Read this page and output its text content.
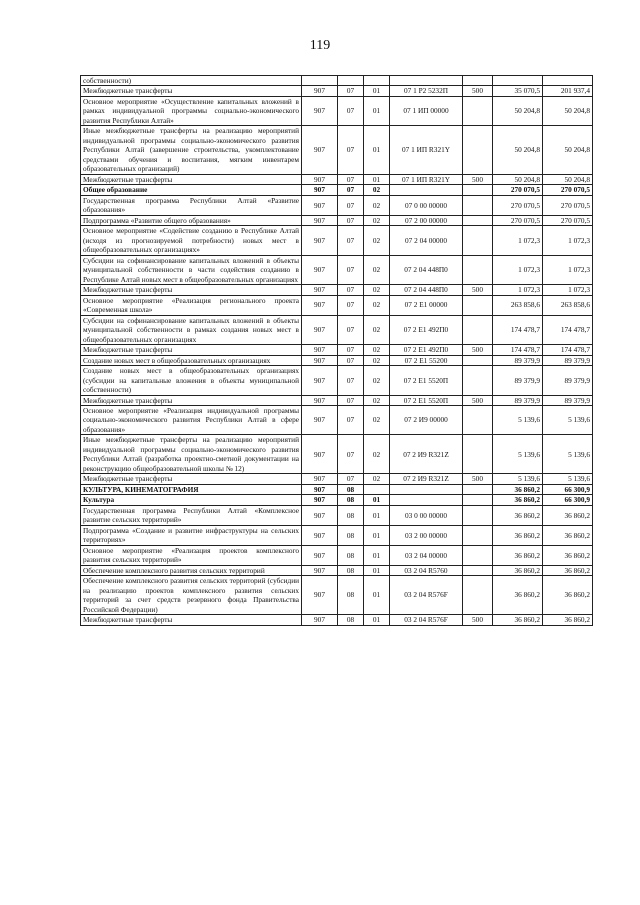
119
собственности)							
Межбюджетные трансферты	907	07	01	07 1 P2 5232П	500	35 070,5	201 937,4
Основное мероприятие «Осуществление капитальных вложений в рамках индивидуальной программы социально-экономического развития Республики Алтай»	907	07	01	07 1 ИП 00000		50 204,8	50 204,8
Иные межбюджетные трансферты на реализацию мероприятий индивидуальной программы социально-экономического развития Республики Алтай (завершение строительства, укомплектование средствами обучения и воспитания, мягким инвентарем образовательных организаций)	907	07	01	07 1 ИП R321Y		50 204,8	50 204,8
Межбюджетные трансферты	907	07	01	07 1 ИП R321Y	500	50 204,8	50 204,8
Общее образование	907	07	02			270 070,5	270 070,5
Государственная программа Республики Алтай «Развитие образования»	907	07	02	07 0 00 00000		270 070,5	270 070,5
Подпрограмма «Развитие общего образования»	907	07	02	07 2 00 00000		270 070,5	270 070,5
Основное мероприятие «Содействие созданию в Республике Алтай (исходя из прогнозируемой потребности) новых мест в общеобразовательных организациях»	907	07	02	07 2 04 00000		1 072,3	1 072,3
Субсидии на софинансирование капитальных вложений в объекты муниципальной собственности в части содействия созданию в Республике Алтай новых мест в общеобразовательных организациях	907	07	02	07 2 04 448П0		1 072,3	1 072,3
Межбюджетные трансферты	907	07	02	07 2 04 448П0	500	1 072,3	1 072,3
Основное мероприятие «Реализация регионального проекта «Современная школа»	907	07	02	07 2 E1 00000		263 858,6	263 858,6
Субсидии на софинансирование капитальных вложений в объекты муниципальной собственности в рамках создания новых мест в общеобразовательных организациях	907	07	02	07 2 E1 492П0		174 478,7	174 478,7
Межбюджетные трансферты	907	07	02	07 2 E1 492П0	500	174 478,7	174 478,7
Создание новых мест в общеобразовательных организациях	907	07	02	07 2 E1 55200		89 379,9	89 379,9
Создание новых мест в общеобразовательных организациях (субсидии на капитальные вложения в объекты муниципальной собственности)	907	07	02	07 2 E1 5520П		89 379,9	89 379,9
Межбюджетные трансферты	907	07	02	07 2 E1 5520П	500	89 379,9	89 379,9
Основное мероприятие «Реализация индивидуальной программы социально-экономического развития Республики Алтай в сфере образования»	907	07	02	07 2 И9 00000		5 139,6	5 139,6
Иные межбюджетные трансферты на реализацию мероприятий индивидуальной программы социально-экономического развития Республики Алтай (разработка проектно-сметной документации на реконструкцию общеобразовательной школы № 12)	907	07	02	07 2 И9 R321Z		5 139,6	5 139,6
Межбюджетные трансферты	907	07	02	07 2 И9 R321Z	500	5 139,6	5 139,6
КУЛЬТУРА, КИНЕМАТОГРАФИЯ	907	08				36 860,2	66 300,9
Культура	907	08	01			36 860,2	66 300,9
Государственная программа Республики Алтай «Комплексное развитие сельских территорий»	907	08	01	03 0 00 00000		36 860,2	36 860,2
Подпрограмма «Создание и развитие инфраструктуры на сельских территориях»	907	08	01	03 2 00 00000		36 860,2	36 860,2
Основное мероприятие «Реализация проектов комплексного развития сельских территорий»	907	08	01	03 2 04 00000		36 860,2	36 860,2
Обеспечение комплексного развития сельских территорий	907	08	01	03 2 04 R5760		36 860,2	36 860,2
Обеспечение комплексного развития сельских территорий (субсидии на реализацию проектов комплексного развития сельских территорий за счет средств резервного фонда Правительства Российской Федерации)	907	08	01	03 2 04 R576F		36 860,2	36 860,2
Межбюджетные трансферты	907	08	01	03 2 04 R576F	500	36 860,2	36 860,2
